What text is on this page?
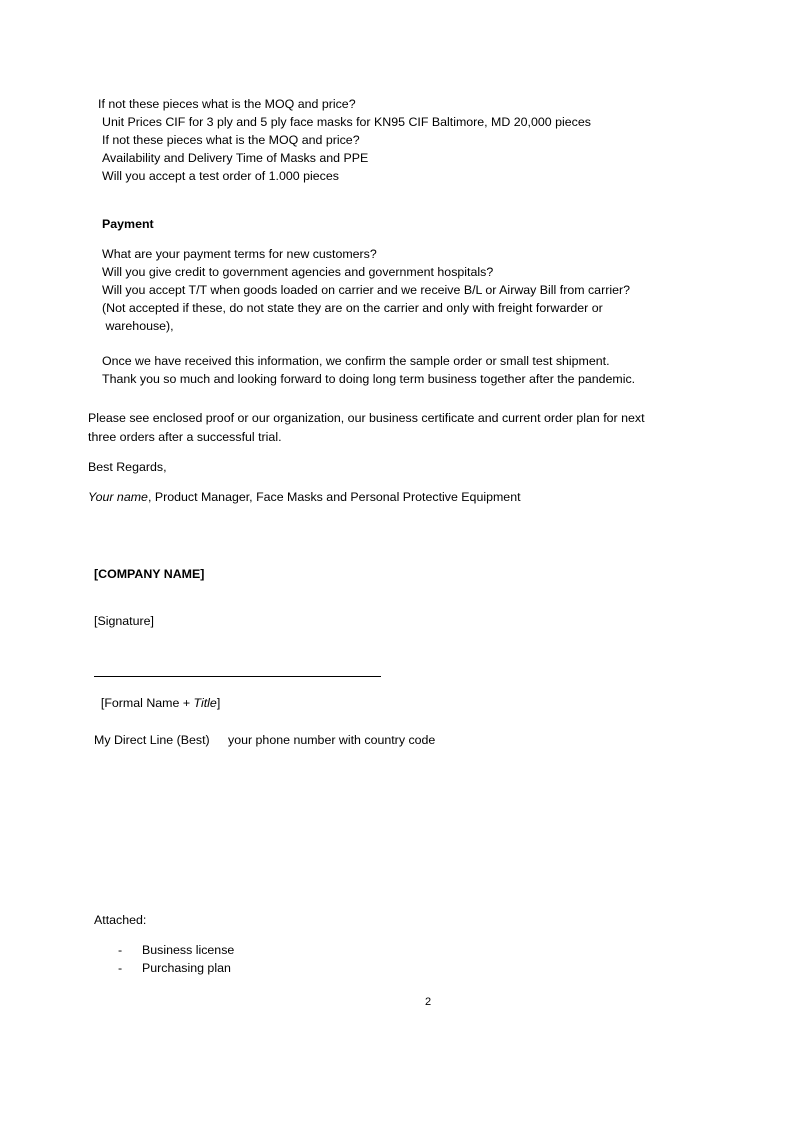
If not these pieces what is the MOQ and price?
Unit Prices CIF for 3 ply and 5 ply face masks for KN95 CIF Baltimore, MD 20,000 pieces
If not these pieces what is the MOQ and price?
Availability and Delivery Time of Masks and PPE
Will you accept a test order of 1.000 pieces
Payment
What are your payment terms for new customers?
Will you give credit to government agencies and government hospitals?
Will you accept T/T when goods loaded on carrier and we receive B/L or Airway Bill from carrier?
(Not accepted if these, do not state they are on the carrier and only with freight forwarder or
warehouse),
Once we have received this information, we confirm the sample order or small test shipment.
Thank you so much and looking forward to doing long term business together after the pandemic.
Please see enclosed proof or our organization, our business certificate and current order plan for next
three orders after a successful trial.
Best Regards,
Your name, Product Manager, Face Masks and Personal Protective Equipment
[COMPANY NAME]
[Signature]

[Formal Name + Title]

My Direct Line (Best) your phone number with country code
Attached:
- Business license
- Purchasing plan
2
